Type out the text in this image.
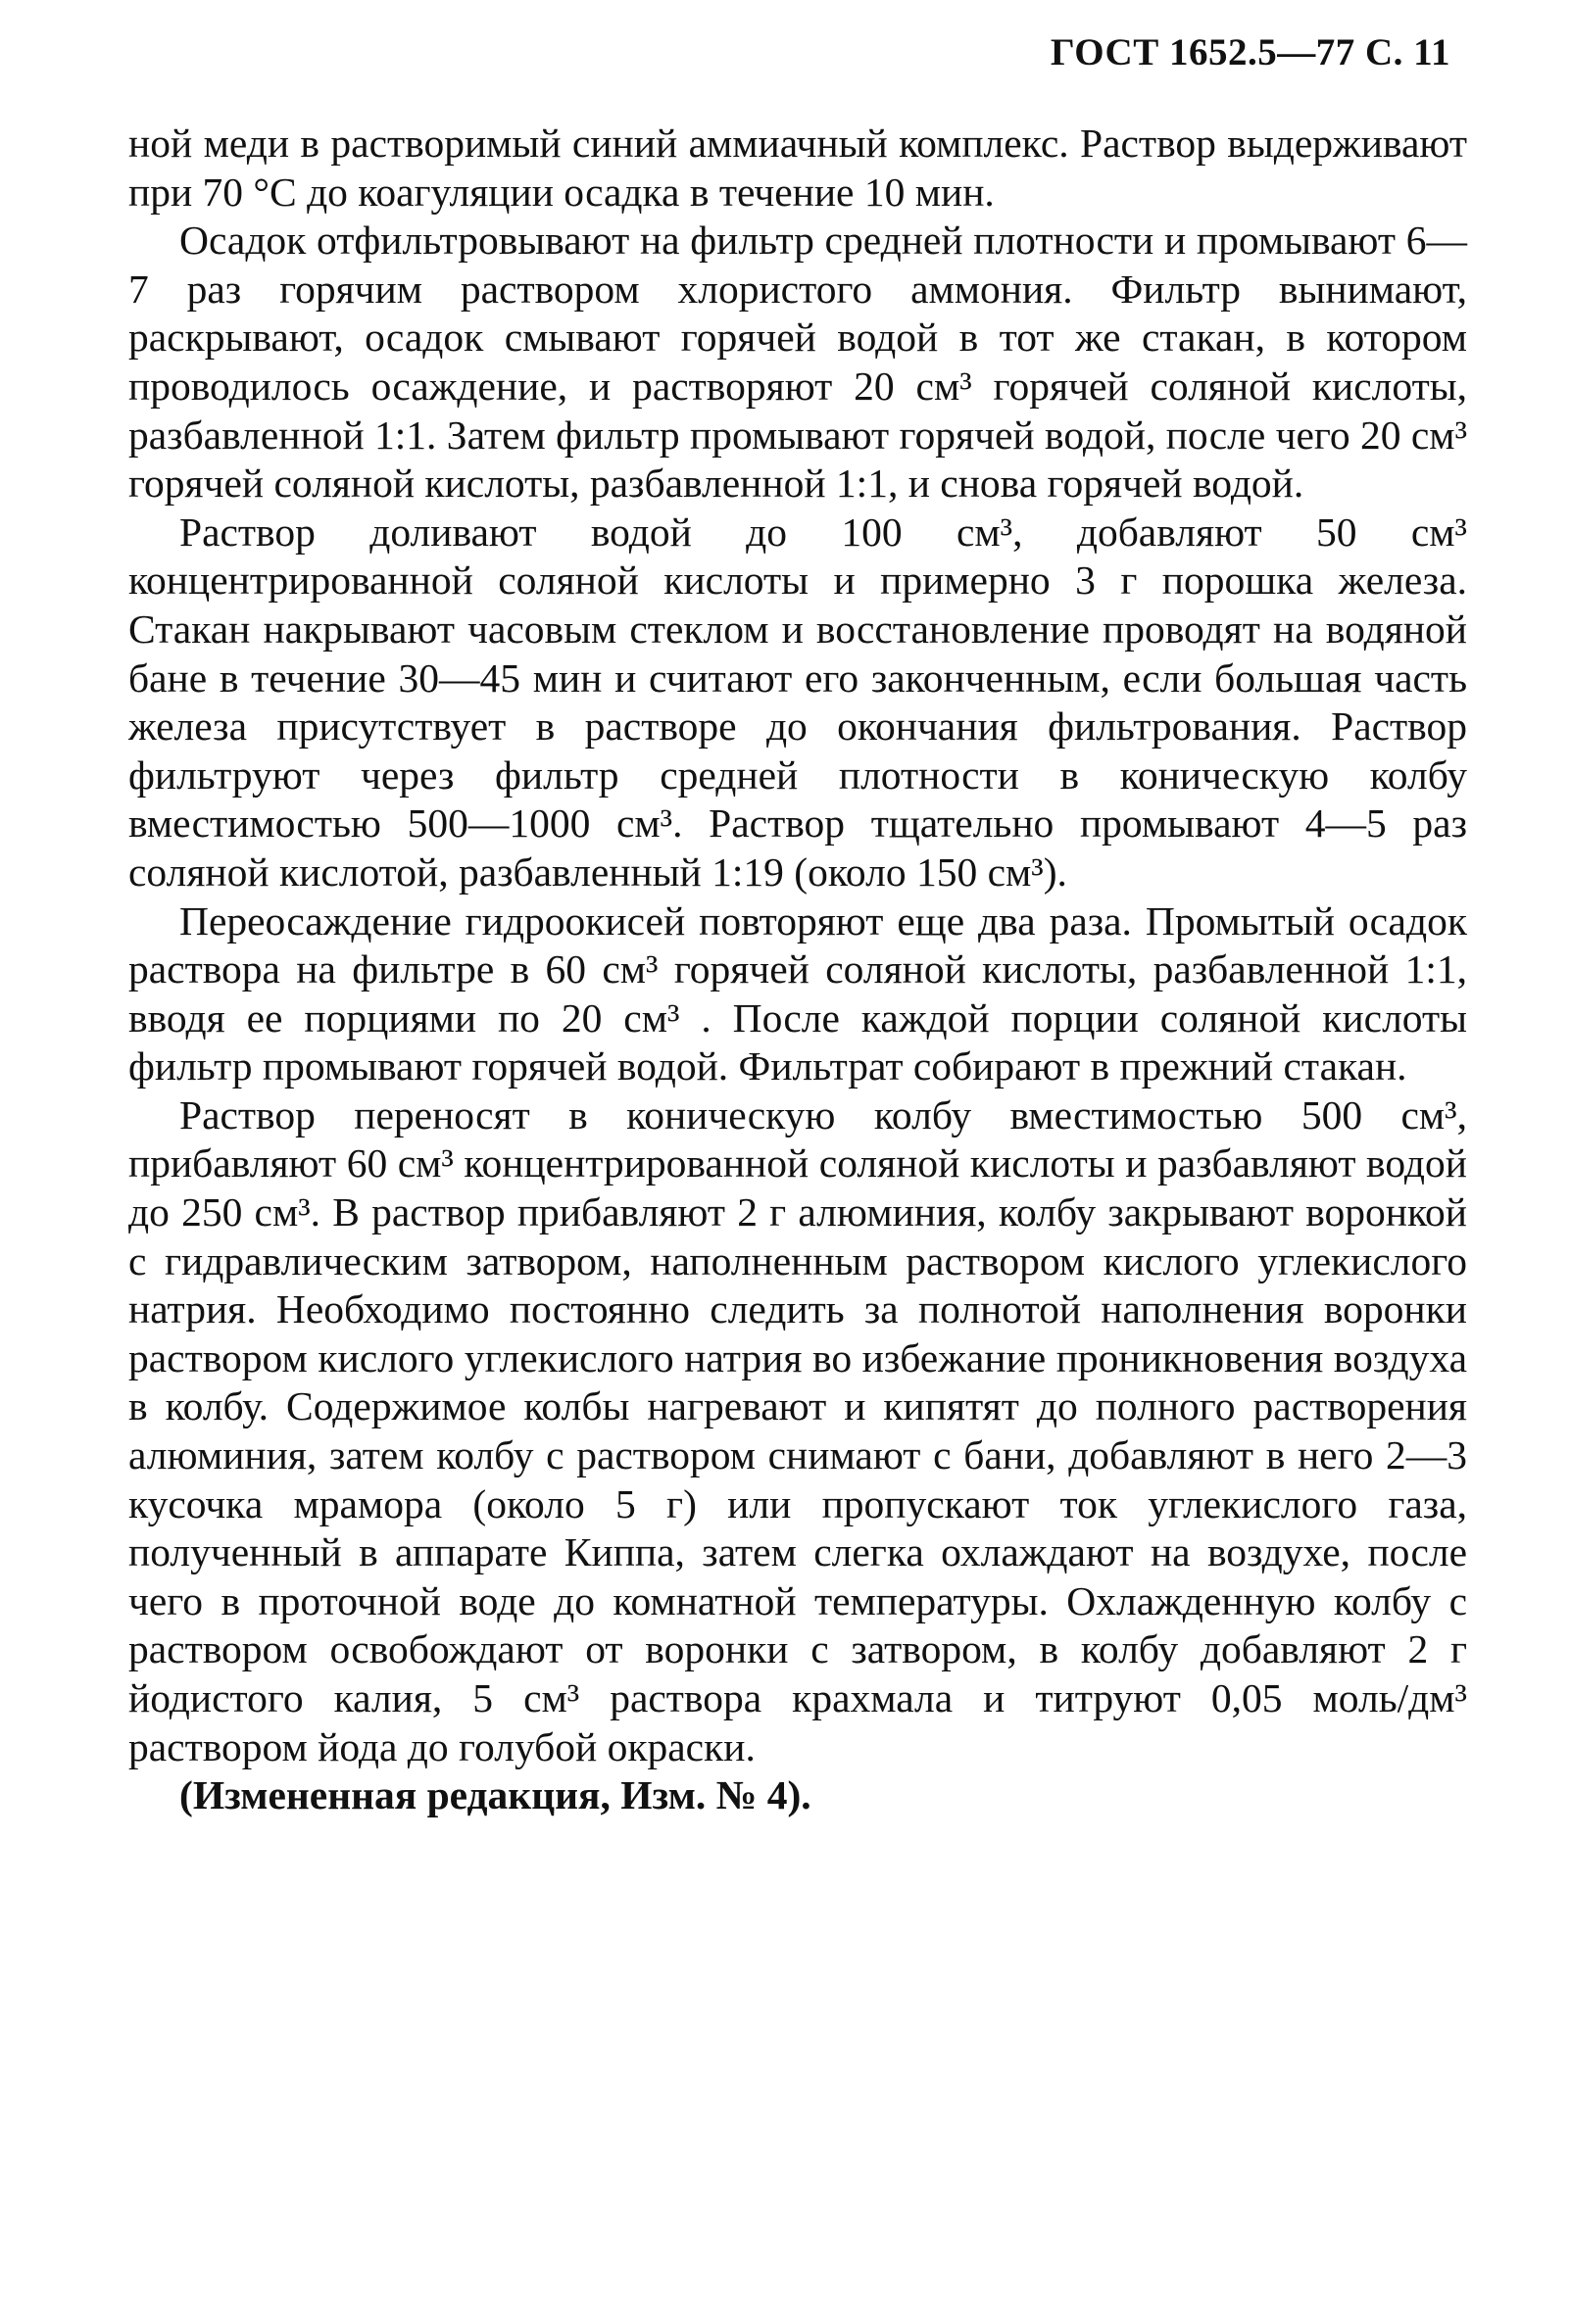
ГОСТ 1652.5—77 С. 11

ной меди в растворимый синий аммиачный комплекс. Раствор выдерживают при 70 °С до коагуляции осадка в течение 10 мин.

Осадок отфильтровывают на фильтр средней плотности и промывают 6—7 раз горячим раствором хлористого аммония. Фильтр вынимают, раскрывают, осадок смывают горячей водой в тот же стакан, в котором проводилось осаждение, и растворяют 20 см³ горячей соляной кислоты, разбавленной 1:1. Затем фильтр промывают горячей водой, после чего 20 см³ горячей соляной кислоты, разбавленной 1:1, и снова горячей водой.

Раствор доливают водой до 100 см³, добавляют 50 см³ концентрированной соляной кислоты и примерно 3 г порошка железа. Стакан накрывают часовым стеклом и восстановление проводят на водяной бане в течение 30—45 мин и считают его законченным, если большая часть железа присутствует в растворе до окончания фильтрования. Раствор фильтруют через фильтр средней плотности в коническую колбу вместимостью 500—1000 см³. Раствор тщательно промывают 4—5 раз соляной кислотой, разбавленный 1:19 (около 150 см³).

Переосаждение гидроокисей повторяют еще два раза. Промытый осадок раствора на фильтре в 60 см³ горячей соляной кислоты, разбавленной 1:1, вводя ее порциями по 20 см³ . После каждой порции соляной кислоты фильтр промывают горячей водой. Фильтрат собирают в прежний стакан.

Раствор переносят в коническую колбу вместимостью 500 см³, прибавляют 60 см³ концентрированной соляной кислоты и разбавляют водой до 250 см³. В раствор прибавляют 2 г алюминия, колбу закрывают воронкой с гидравлическим затвором, наполненным раствором кислого углекислого натрия. Необходимо постоянно следить за полнотой наполнения воронки раствором кислого углекислого натрия во избежание проникновения воздуха в колбу. Содержимое колбы нагревают и кипятят до полного растворения алюминия, затем колбу с раствором снимают с бани, добавляют в него 2—3 кусочка мрамора (около 5 г) или пропускают ток углекислого газа, полученный в аппарате Киппа, затем слегка охлаждают на воздухе, после чего в проточной воде до комнатной температуры. Охлажденную колбу с раствором освобождают от воронки с затвором, в колбу добавляют 2 г йодистого калия, 5 см³ раствора крахмала и титруют 0,05 моль/дм³ раствором йода до голубой окраски.

(Измененная редакция, Изм. № 4).
